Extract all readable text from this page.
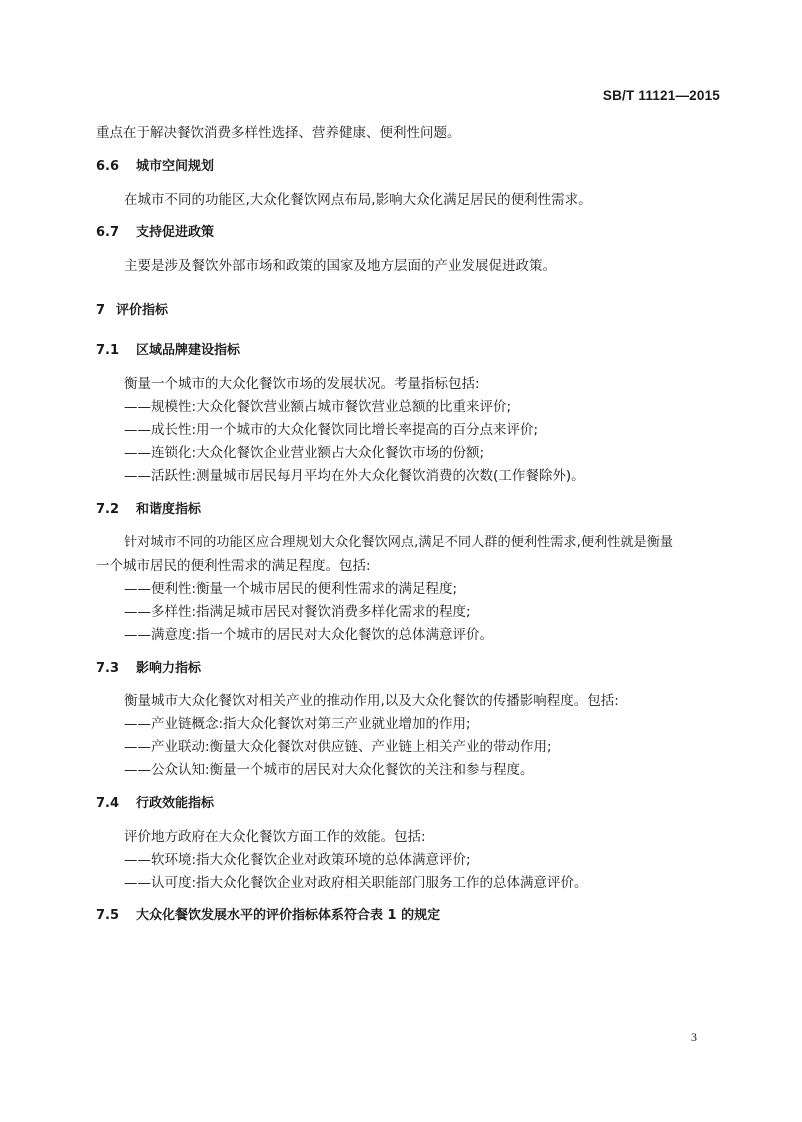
SB/T 11121—2015
重点在于解决餐饮消费多样性选择、营养健康、便利性问题。
6.6 城市空间规划
在城市不同的功能区,大众化餐饮网点布局,影响大众化满足居民的便利性需求。
6.7 支持促进政策
主要是涉及餐饮外部市场和政策的国家及地方层面的产业发展促进政策。
7 评价指标
7.1 区域品牌建设指标
衡量一个城市的大众化餐饮市场的发展状况。考量指标包括:
——规模性:大众化餐饮营业额占城市餐饮营业总额的比重来评价;
——成长性:用一个城市的大众化餐饮同比增长率提高的百分点来评价;
——连锁化:大众化餐饮企业营业额占大众化餐饮市场的份额;
——活跃性:测量城市居民每月平均在外大众化餐饮消费的次数(工作餐除外)。
7.2 和谐度指标
针对城市不同的功能区应合理规划大众化餐饮网点,满足不同人群的便利性需求,便利性就是衡量
一个城市居民的便利性需求的满足程度。包括:
——便利性:衡量一个城市居民的便利性需求的满足程度;
——多样性:指满足城市居民对餐饮消费多样化需求的程度;
——满意度:指一个城市的居民对大众化餐饮的总体满意评价。
7.3 影响力指标
衡量城市大众化餐饮对相关产业的推动作用,以及大众化餐饮的传播影响程度。包括:
——产业链概念:指大众化餐饮对第三产业就业增加的作用;
——产业联动:衡量大众化餐饮对供应链、产业链上相关产业的带动作用;
——公众认知:衡量一个城市的居民对大众化餐饮的关注和参与程度。
7.4 行政效能指标
评价地方政府在大众化餐饮方面工作的效能。包括:
——软环境:指大众化餐饮企业对政策环境的总体满意评价;
——认可度:指大众化餐饮企业对政府相关职能部门服务工作的总体满意评价。
7.5 大众化餐饮发展水平的评价指标体系符合表 1 的规定
3
